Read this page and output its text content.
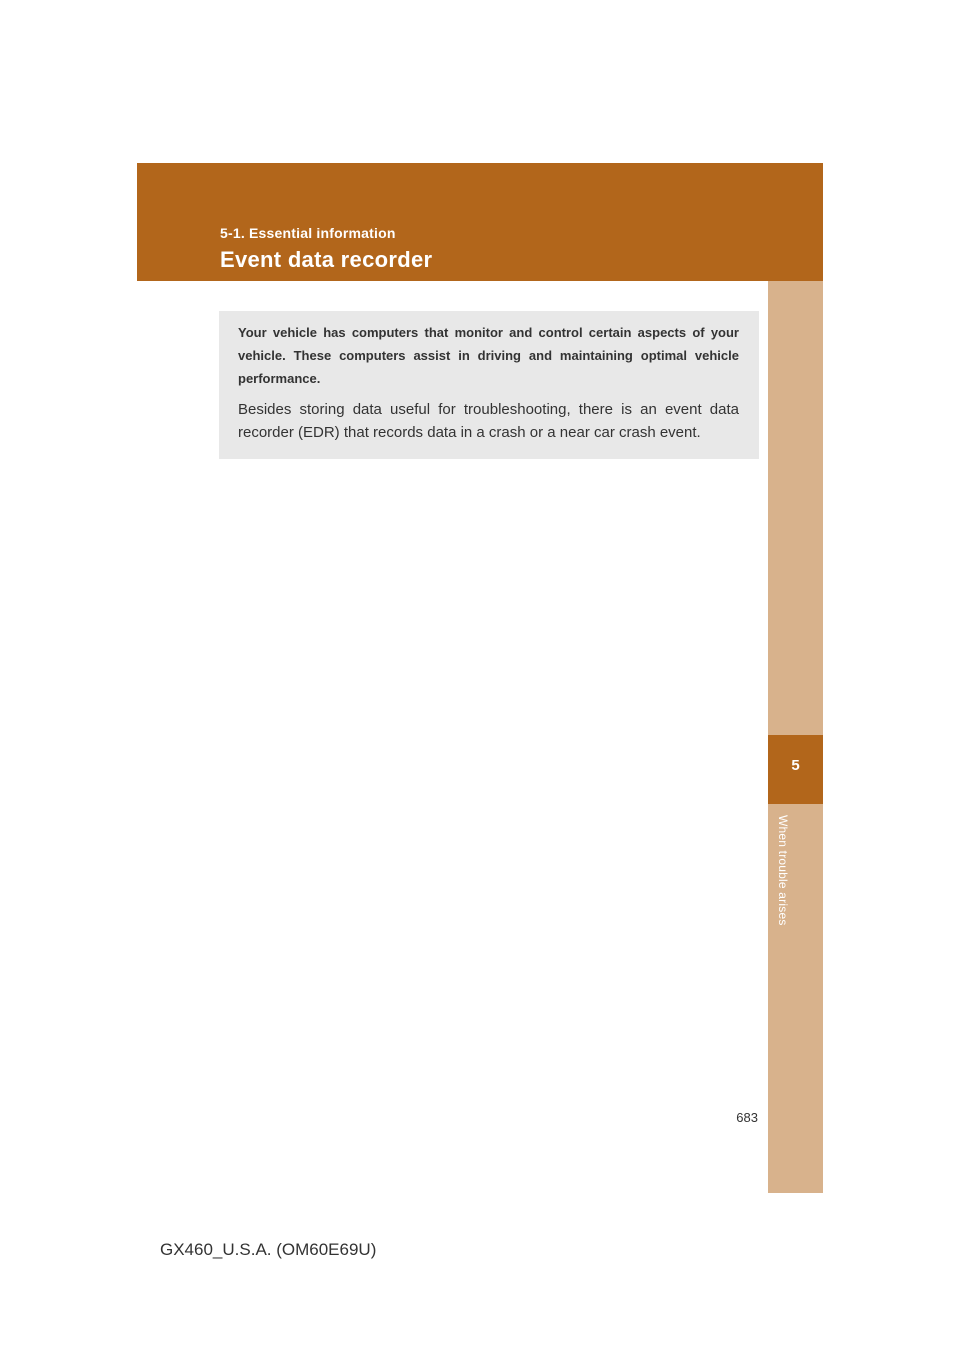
5-1. Essential information
Event data recorder
5
When trouble arises

Your vehicle has computers that monitor and control certain aspects of your vehicle. These computers assist in driving and maintaining optimal vehicle performance.

Besides storing data useful for troubleshooting, there is an event data recorder (EDR) that records data in a crash or a near car crash event.

683
GX460_U.S.A. (OM60E69U)
